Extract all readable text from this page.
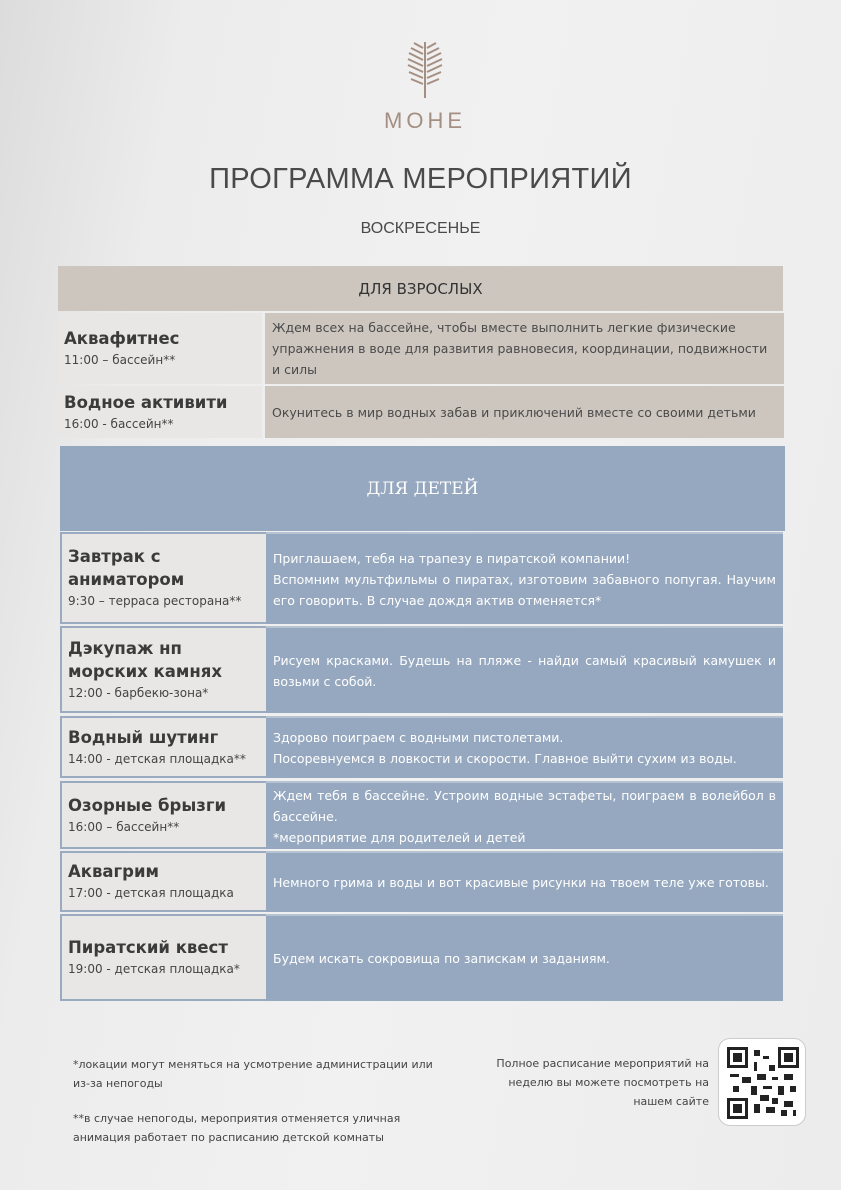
МОНЕ
ПРОГРАММА МЕРОПРИЯТИЙ
ВОСКРЕСЕНЬЕ
ДЛЯ ВЗРОСЛЫХ
Аквафитнес
11:00 – бассейн**
Ждем всех на бассейне, чтобы вместе выполнить легкие физические упражнения в воде для развития равновесия, координации, подвижности и силы
Водное активити
16:00 - бассейн**
Окунитесь в мир водных забав и приключений вместе со своими детьми
ДЛЯ ДЕТЕЙ
Завтрак с аниматором
9:30 – терраса ресторана**
Приглашаем, тебя на трапезу в пиратской компании!
Вспомним мультфильмы о пиратах, изготовим забавного попугая. Научим его говорить. В случае дождя актив отменяется*
Дэкупаж нп морских камнях
12:00 - барбекю-зона*
Рисуем красками. Будешь на пляже - найди самый красивый камушек и возьми с собой.
Водный шутинг
14:00 - детская площадка**
Здорово поиграем с водными пистолетами.
Посоревнуемся в ловкости и скорости. Главное выйти сухим из воды.
Озорные брызги
16:00 – бассейн**
Ждем тебя в бассейне. Устроим водные эстафеты, поиграем в волейбол в бассейне.
*мероприятие для родителей и детей
Аквагрим
17:00 - детская площадка
Немного грима и воды и вот красивые рисунки на твоем теле уже готовы.
Пиратский квест
19:00 - детская площадка*
Будем искать сокровища по запискам и заданиям.
*локации могут меняться на усмотрение администрации или из-за непогоды
**в случае непогоды, мероприятия отменяется уличная анимация работает по расписанию детской комнаты
Полное расписание мероприятий на неделю вы можете посмотреть на нашем сайте
